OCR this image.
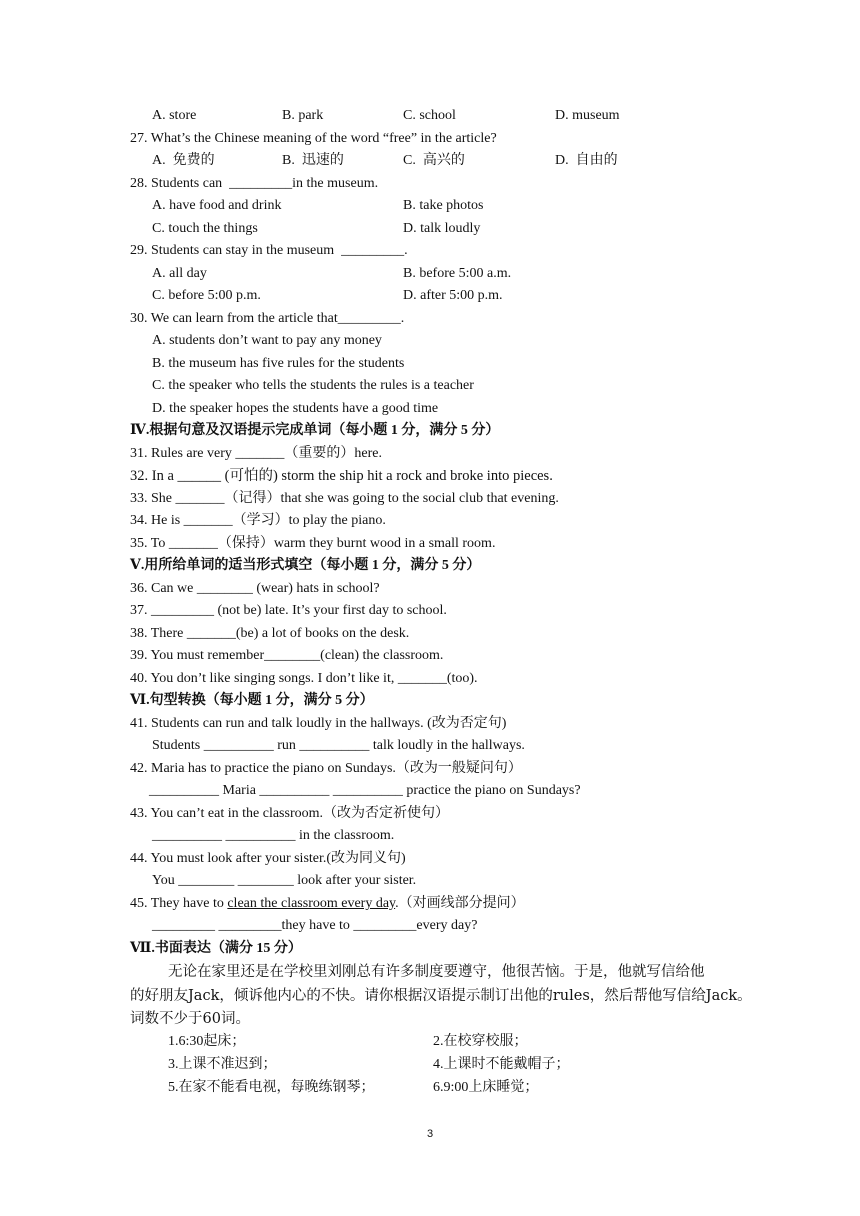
A. store	B. park	C. school	D. museum
27. What’s the Chinese meaning of the word “free” in the article?
A.  免费的	B.  迅速的	C.  高兴的	D.  自由的
28. Students can  _________in the museum.
A. have food and drink	B. take photos
C. touch the things	D. talk loudly
29. Students can stay in the museum  _________.
A. all day	B. before 5:00 a.m.
C. before 5:00 p.m.	D. after 5:00 p.m.
30. We can learn from the article that_________.
A. students don’t want to pay any money
B. the museum has five rules for the students
C. the speaker who tells the students the rules is a teacher
D. the speaker hopes the students have a good time
Ⅳ.根据句意及汉语提示完成单词（每小题 1 分，满分 5 分）
31. Rules are very _______（重要的）here.
32. In a ______ (可怕的) storm the ship hit a rock and broke into pieces.
33. She _______（记得）that she was going to the social club that evening.
34. He is _______（学习）to play the piano.
35. To _______（保持）warm they burnt wood in a small room.
Ⅴ.用所给单词的适当形式填空（每小题 1 分，满分 5 分）
36. Can we ________ (wear) hats in school?
37. _________ (not be) late. It’s your first day to school.
38. There _______(be) a lot of books on the desk.
39. You must remember________(clean) the classroom.
40. You don’t like singing songs. I don’t like it, _______(too).
Ⅵ.句型转换（每小题 1 分，满分 5 分）
41. Students can run and talk loudly in the hallways. (改为否定句)
Students __________ run __________ talk loudly in the hallways.
42. Maria has to practice the piano on Sundays.（改为一般疑问句）
__________ Maria __________ __________ practice the piano on Sundays?
43. You can’t eat in the classroom.（改为否定祈使句）
__________ __________ in the classroom.
44. You must look after your sister.(改为同义句)
You ________ ________ look after your sister.
45. They have to clean the classroom every day.（对画线部分提问）
_________ _________they have to _________every day?
Ⅶ.书面表达（满分 15 分）
无论在家里还是在学校里刘刚总有许多制度要遵守，他很苦恼。于是，他就写信给他
的好朋友Jack，倾诉他内心的不快。请你根据汉语提示制订出他的rules，然后帮他写信给Jack。
词数不少于60词。
1.6:30起床；	2.在校穿校服；
3.上课不准迟到；	4.上课时不能戴帽子；
5.在家不能看电视，每晚练钢琴；	6.9:00上床睡觉；
3
